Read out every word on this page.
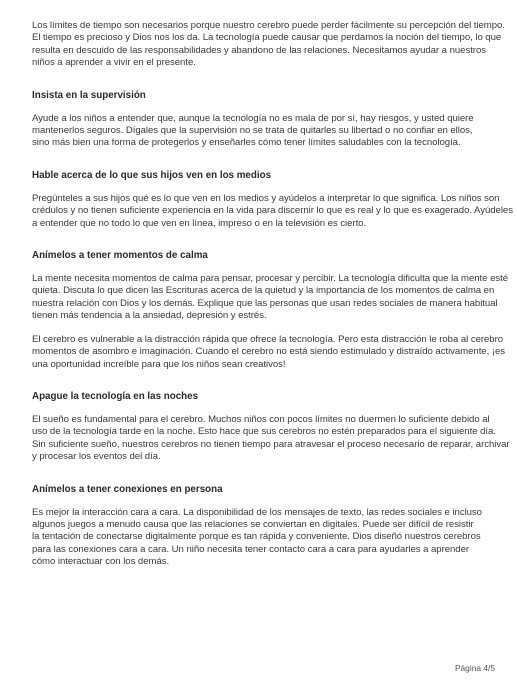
Los límites de tiempo son necesarios porque nuestro cerebro puede perder fácilmente su percepción del tiempo.
El tiempo es precioso y Dios nos los da. La tecnología puede causar que perdamos la noción del tiempo, lo que
resulta en descuido de las responsabilidades y abandono de las relaciones. Necesitamos ayudar a nuestros
niños a aprender a vivir en el presente.

Insista en la supervisión

Ayude a los niños a entender que, aunque la tecnología no es mala de por sí, hay riesgos, y usted quiere
mantenerlos seguros. Dígales que la supervisión no se trata de quitarles su libertad o no confiar en ellos,
sino más bien una forma de protegerlos y enseñarles cómo tener límites saludables con la tecnología.

Hable acerca de lo que sus hijos ven en los medios

Pregúnteles a sus hijos qué es lo que ven en los medios y ayúdelos a interpretar lo que significa. Los niños son
crédulos y no tienen suficiente experiencia en la vida para discernir lo que es real y lo que es exagerado. Ayúdeles
a entender que no todo lo que ven en línea, impreso o en la televisión es cierto.

Anímelos a tener momentos de calma

La mente necesita momentos de calma para pensar, procesar y percibir. La tecnología dificulta que la mente esté
quieta. Discuta lo que dicen las Escrituras acerca de la quietud y la importancia de los momentos de calma en
nuestra relación con Dios y los demás. Explique que las personas que usan redes sociales de manera habitual
tienen más tendencia a la ansiedad, depresión y estrés.

El cerebro es vulnerable a la distracción rápida que ofrece la tecnología. Pero esta distracción le roba al cerebro
momentos de asombro e imaginación. Cuando el cerebro no está siendo estimulado y distraído activamente, ¡es
una oportunidad increíble para que los niños sean creativos!

Apague la tecnología en las noches

El sueño es fundamental para el cerebro. Muchos niños con pocos límites no duermen lo suficiente debido al
uso de la tecnología tarde en la noche. Esto hace que sus cerebros no estén preparados para el siguiente día.
Sin suficiente sueño, nuestros cerebros no tienen tiempo para atravesar el proceso necesario de reparar, archivar
y procesar los eventos del día.

Anímelos a tener conexiones en persona

Es mejor la interacción cara a cara. La disponibilidad de los mensajes de texto, las redes sociales e incluso
algunos juegos a menudo causa que las relaciones se conviertan en digitales. Puede ser difícil de resistir
la tentación de conectarse digitalmente porque es tan rápida y conveniente. Dios diseñó nuestros cerebros
para las conexiones cara a cara. Un niño necesita tener contacto cara a cara para ayudarles a aprender
cómo interactuar con los demás.

Página 4/5
